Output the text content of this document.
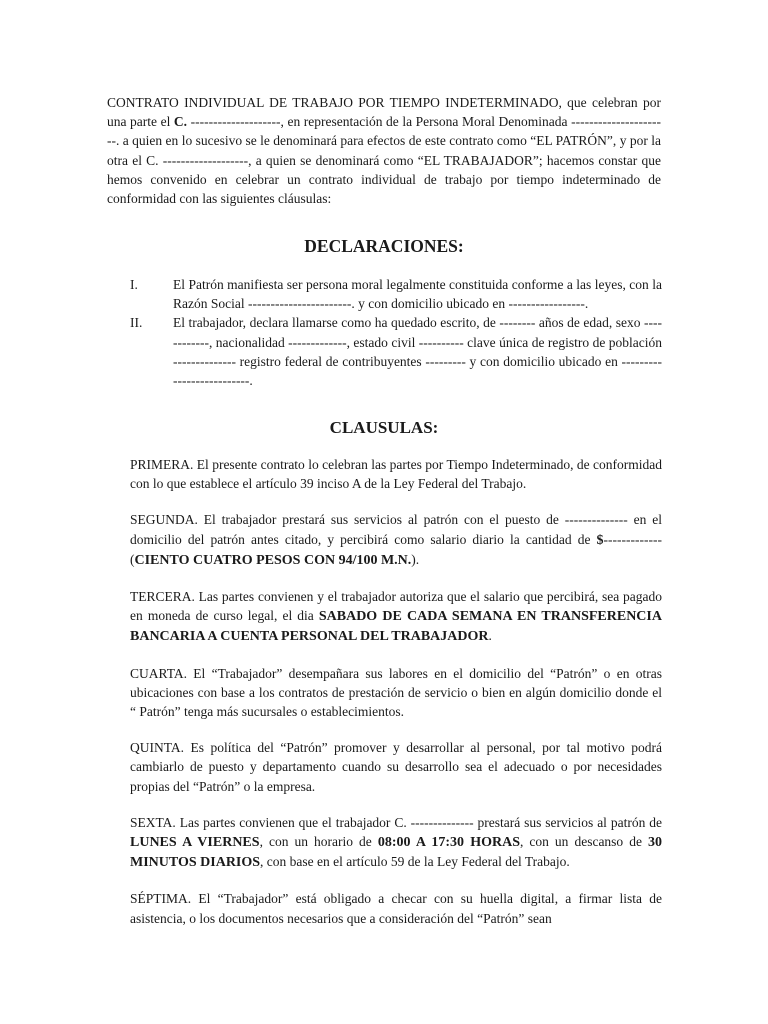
CONTRATO INDIVIDUAL DE TRABAJO POR TIEMPO INDETERMINADO, que celebran por una parte el C. --------------------, en representación de la Persona Moral Denominada ----------------------. a quien en lo sucesivo se le denominará para efectos de este contrato como “EL PATRÓN”, y por la otra el C. -------------------, a quien se denominará como “EL TRABAJADOR”; hacemos constar que hemos convenido en celebrar un contrato individual de trabajo por tiempo indeterminado de conformidad con las siguientes cláusulas:

DECLARACIONES:
I.	El Patrón manifiesta ser persona moral legalmente constituida conforme a las leyes, con la Razón Social -----------------------. y con domicilio ubicado en -----------------.
II.	El trabajador, declara llamarse como ha quedado escrito, de -------- años de edad, sexo ------------, nacionalidad -------------, estado civil ---------- clave única de registro de población -------------- registro federal de contribuyentes --------- y con domicilio ubicado en --------------------------.
CLAUSULAS:

PRIMERA. El presente contrato lo celebran las partes por Tiempo Indeterminado, de conformidad con lo que establece el artículo 39 inciso A de la Ley Federal del Trabajo.

SEGUNDA. El trabajador prestará sus servicios al patrón con el puesto de -------------- en el domicilio del patrón antes citado, y percibirá como salario diario la cantidad de $------------- (CIENTO CUATRO PESOS CON 94/100 M.N.).

TERCERA. Las partes convienen y el trabajador autoriza que el salario que percibirá, sea pagado en moneda de curso legal, el dia SABADO DE CADA SEMANA EN TRANSFERENCIA BANCARIA A CUENTA PERSONAL DEL TRABAJADOR.

CUARTA. El “Trabajador” desempañara sus labores en el domicilio del “Patrón” o en otras ubicaciones con base a los contratos de prestación de servicio o bien en algún domicilio donde el “ Patrón” tenga más sucursales o establecimientos.

QUINTA. Es política del “Patrón” promover y desarrollar al personal, por tal motivo podrá cambiarlo de puesto y departamento cuando su desarrollo sea el adecuado o por necesidades propias del “Patrón” o la empresa.

SEXTA. Las partes convienen que el trabajador C. -------------- prestará sus servicios al patrón de LUNES A VIERNES, con un horario de 08:00 A 17:30 HORAS, con un descanso de 30 MINUTOS DIARIOS, con base en el artículo 59 de la Ley Federal del Trabajo.

SÉPTIMA. El “Trabajador” está obligado a checar con su huella digital, a firmar lista de asistencia, o los documentos necesarios que a consideración del “Patrón” sean
